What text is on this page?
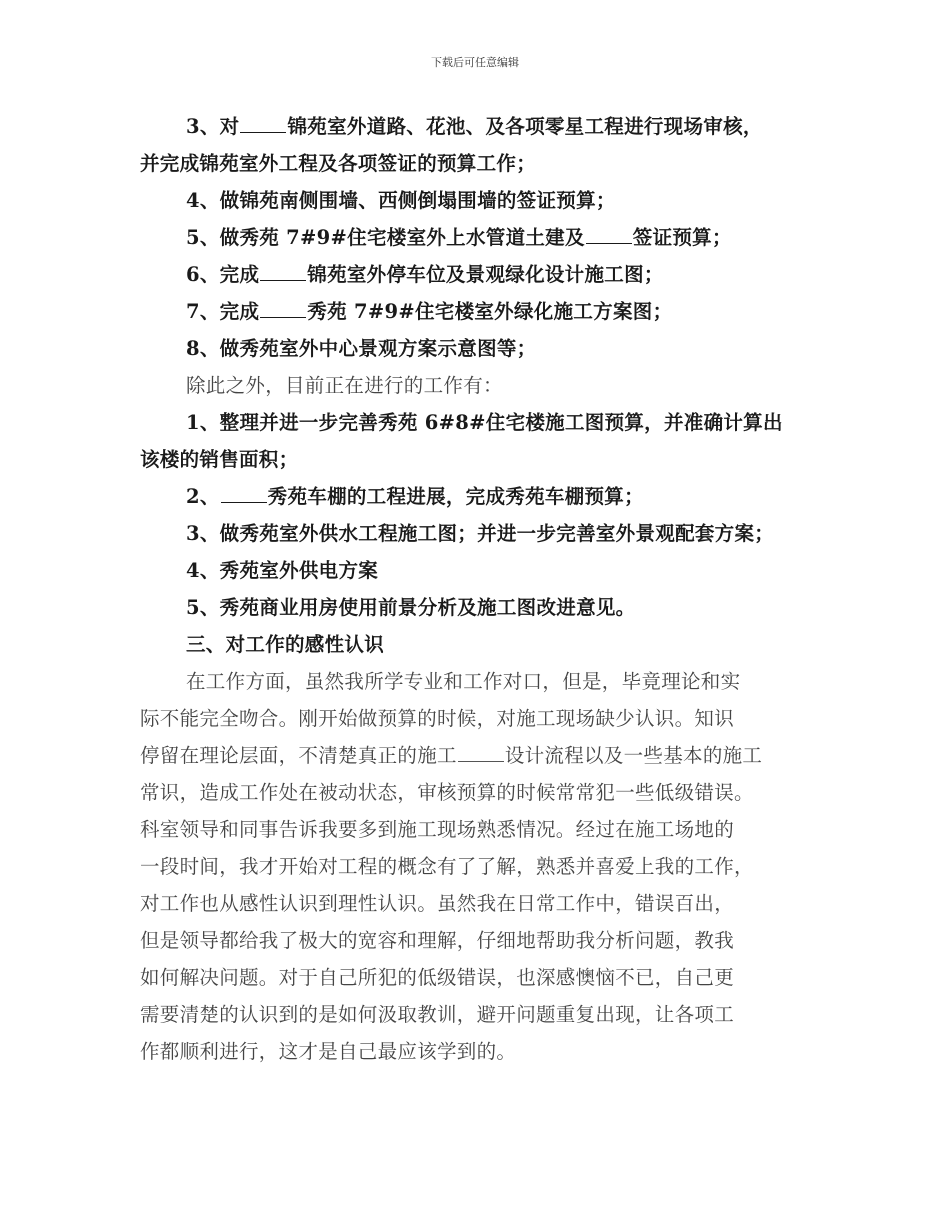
下载后可任意编辑
3、对 锦苑室外道路、花池、及各项零星工程进行现场审核，
并完成锦苑室外工程及各项签证的预算工作；
4、做锦苑南侧围墙、西侧倒塌围墙的签证预算；
5、做秀苑 7#9#住宅楼室外上水管道土建及 签证预算；
6、完成 锦苑室外停车位及景观绿化设计施工图；
7、完成 秀苑 7#9#住宅楼室外绿化施工方案图；
8、做秀苑室外中心景观方案示意图等；
除此之外，目前正在进行的工作有：
1、整理并进一步完善秀苑 6#8#住宅楼施工图预算，并准确计算出
该楼的销售面积；
2、 秀苑车棚的工程进展，完成秀苑车棚预算；
3、做秀苑室外供水工程施工图；并进一步完善室外景观配套方案；
4、秀苑室外供电方案
5、秀苑商业用房使用前景分析及施工图改进意见。
三、对工作的感性认识
在工作方面，虽然我所学专业和工作对口，但是，毕竟理论和实
际不能完全吻合。刚开始做预算的时候，对施工现场缺少认识。知识
停留在理论层面，不清楚真正的施工 设计流程以及一些基本的施工
常识，造成工作处在被动状态，审核预算的时候常常犯一些低级错误。
科室领导和同事告诉我要多到施工现场熟悉情况。经过在施工场地的
一段时间，我才开始对工程的概念有了了解，熟悉并喜爱上我的工作，
对工作也从感性认识到理性认识。虽然我在日常工作中，错误百出，
但是领导都给我了极大的宽容和理解，仔细地帮助我分析问题，教我
如何解决问题。对于自己所犯的低级错误，也深感懊恼不已，自己更
需要清楚的认识到的是如何汲取教训，避开问题重复出现，让各项工
作都顺利进行，这才是自己最应该学到的。
